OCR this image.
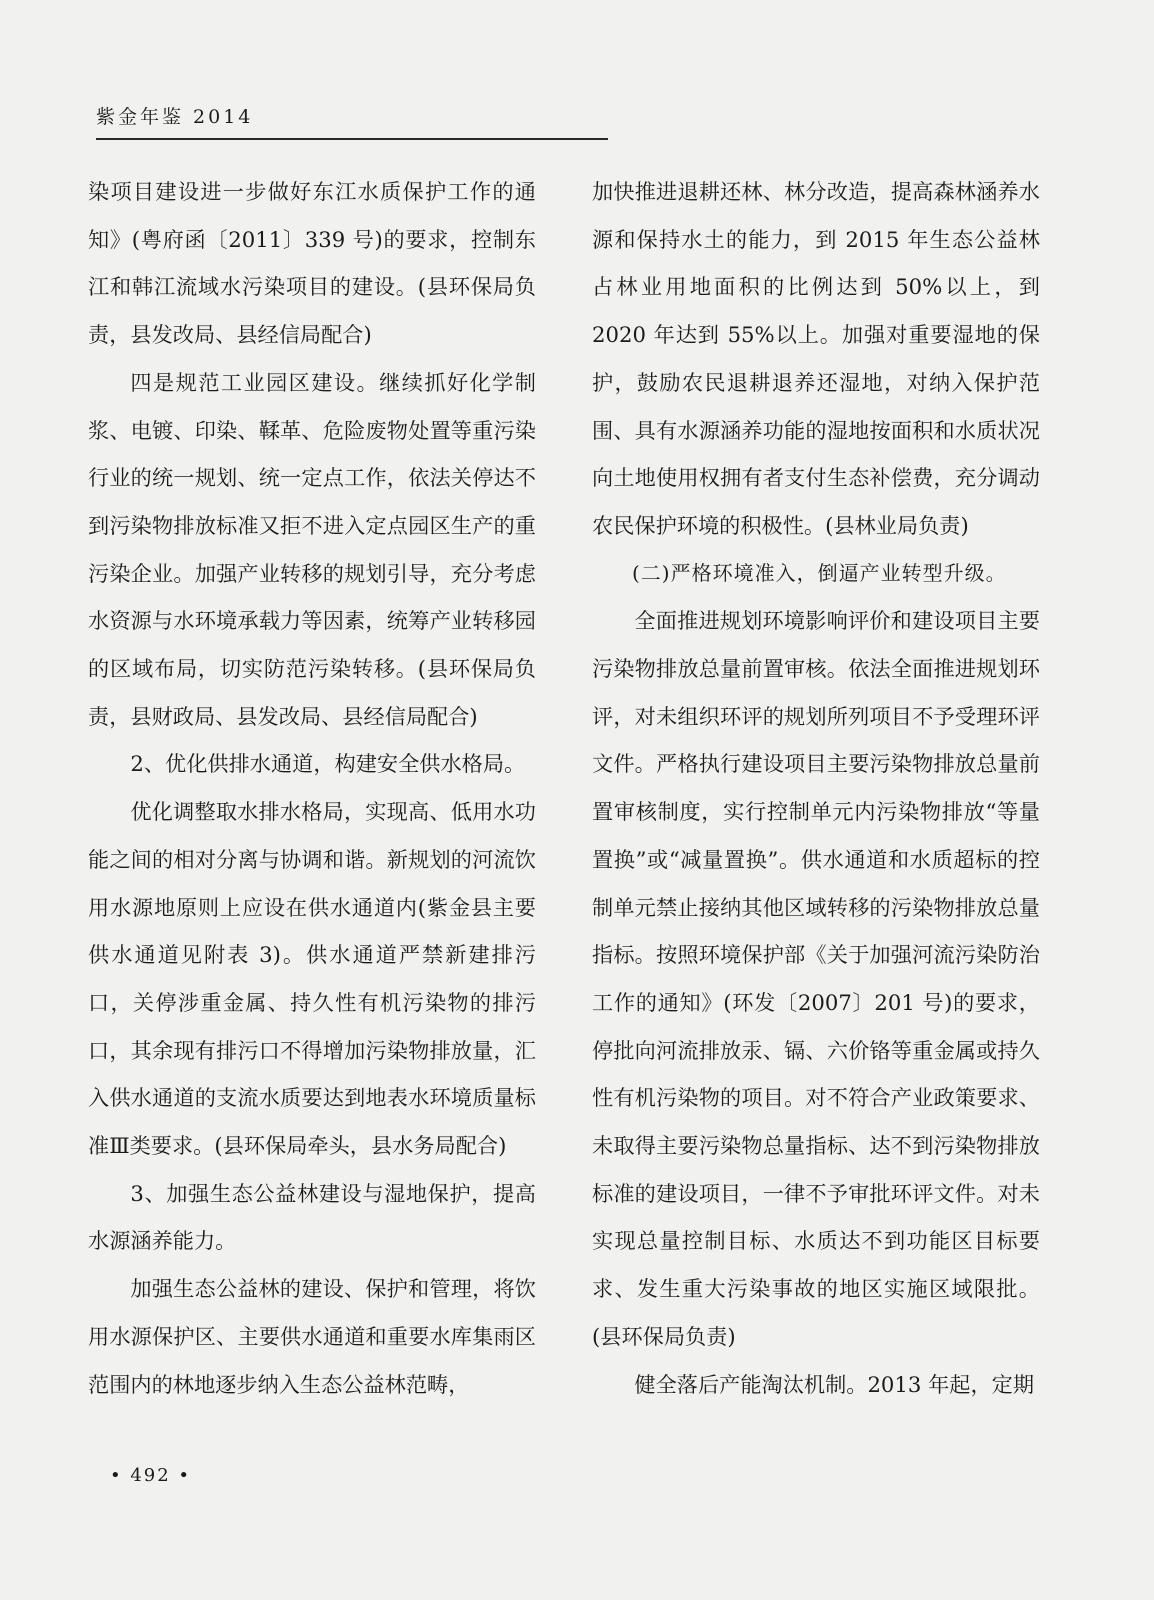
紫金年鉴 2014

染项目建设进一步做好东江水质保护工作的通知》(粤府函〔2011〕339 号)的要求，控制东江和韩江流域水污染项目的建设。(县环保局负责，县发改局、县经信局配合)

四是规范工业园区建设。继续抓好化学制浆、电镀、印染、鞣革、危险废物处置等重污染行业的统一规划、统一定点工作，依法关停达不到污染物排放标准又拒不进入定点园区生产的重污染企业。加强产业转移的规划引导，充分考虑水资源与水环境承载力等因素，统筹产业转移园的区域布局，切实防范污染转移。(县环保局负责，县财政局、县发改局、县经信局配合)

2、优化供排水通道，构建安全供水格局。

优化调整取水排水格局，实现高、低用水功能之间的相对分离与协调和谐。新规划的河流饮用水源地原则上应设在供水通道内(紫金县主要供水通道见附表 3)。供水通道严禁新建排污口，关停涉重金属、持久性有机污染物的排污口，其余现有排污口不得增加污染物排放量，汇入供水通道的支流水质要达到地表水环境质量标准Ⅲ类要求。(县环保局牵头，县水务局配合)

3、加强生态公益林建设与湿地保护，提高水源涵养能力。

加强生态公益林的建设、保护和管理，将饮用水源保护区、主要供水通道和重要水库集雨区范围内的林地逐步纳入生态公益林范畴，

加快推进退耕还林、林分改造，提高森林涵养水源和保持水土的能力，到 2015 年生态公益林占林业用地面积的比例达到 50%以上，到 2020 年达到 55%以上。加强对重要湿地的保护，鼓励农民退耕退养还湿地，对纳入保护范围、具有水源涵养功能的湿地按面积和水质状况向土地使用权拥有者支付生态补偿费，充分调动农民保护环境的积极性。(县林业局负责)

(二)严格环境准入，倒逼产业转型升级。

全面推进规划环境影响评价和建设项目主要污染物排放总量前置审核。依法全面推进规划环评，对未组织环评的规划所列项目不予受理环评文件。严格执行建设项目主要污染物排放总量前置审核制度，实行控制单元内污染物排放“等量置换”或“减量置换”。供水通道和水质超标的控制单元禁止接纳其他区域转移的污染物排放总量指标。按照环境保护部《关于加强河流污染防治工作的通知》(环发〔2007〕201 号)的要求，停批向河流排放汞、镉、六价铬等重金属或持久性有机污染物的项目。对不符合产业政策要求、未取得主要污染物总量指标、达不到污染物排放标准的建设项目，一律不予审批环评文件。对未实现总量控制目标、水质达不到功能区目标要求、发生重大污染事故的地区实施区域限批。(县环保局负责)

健全落后产能淘汰机制。2013 年起，定期

• 492 •
